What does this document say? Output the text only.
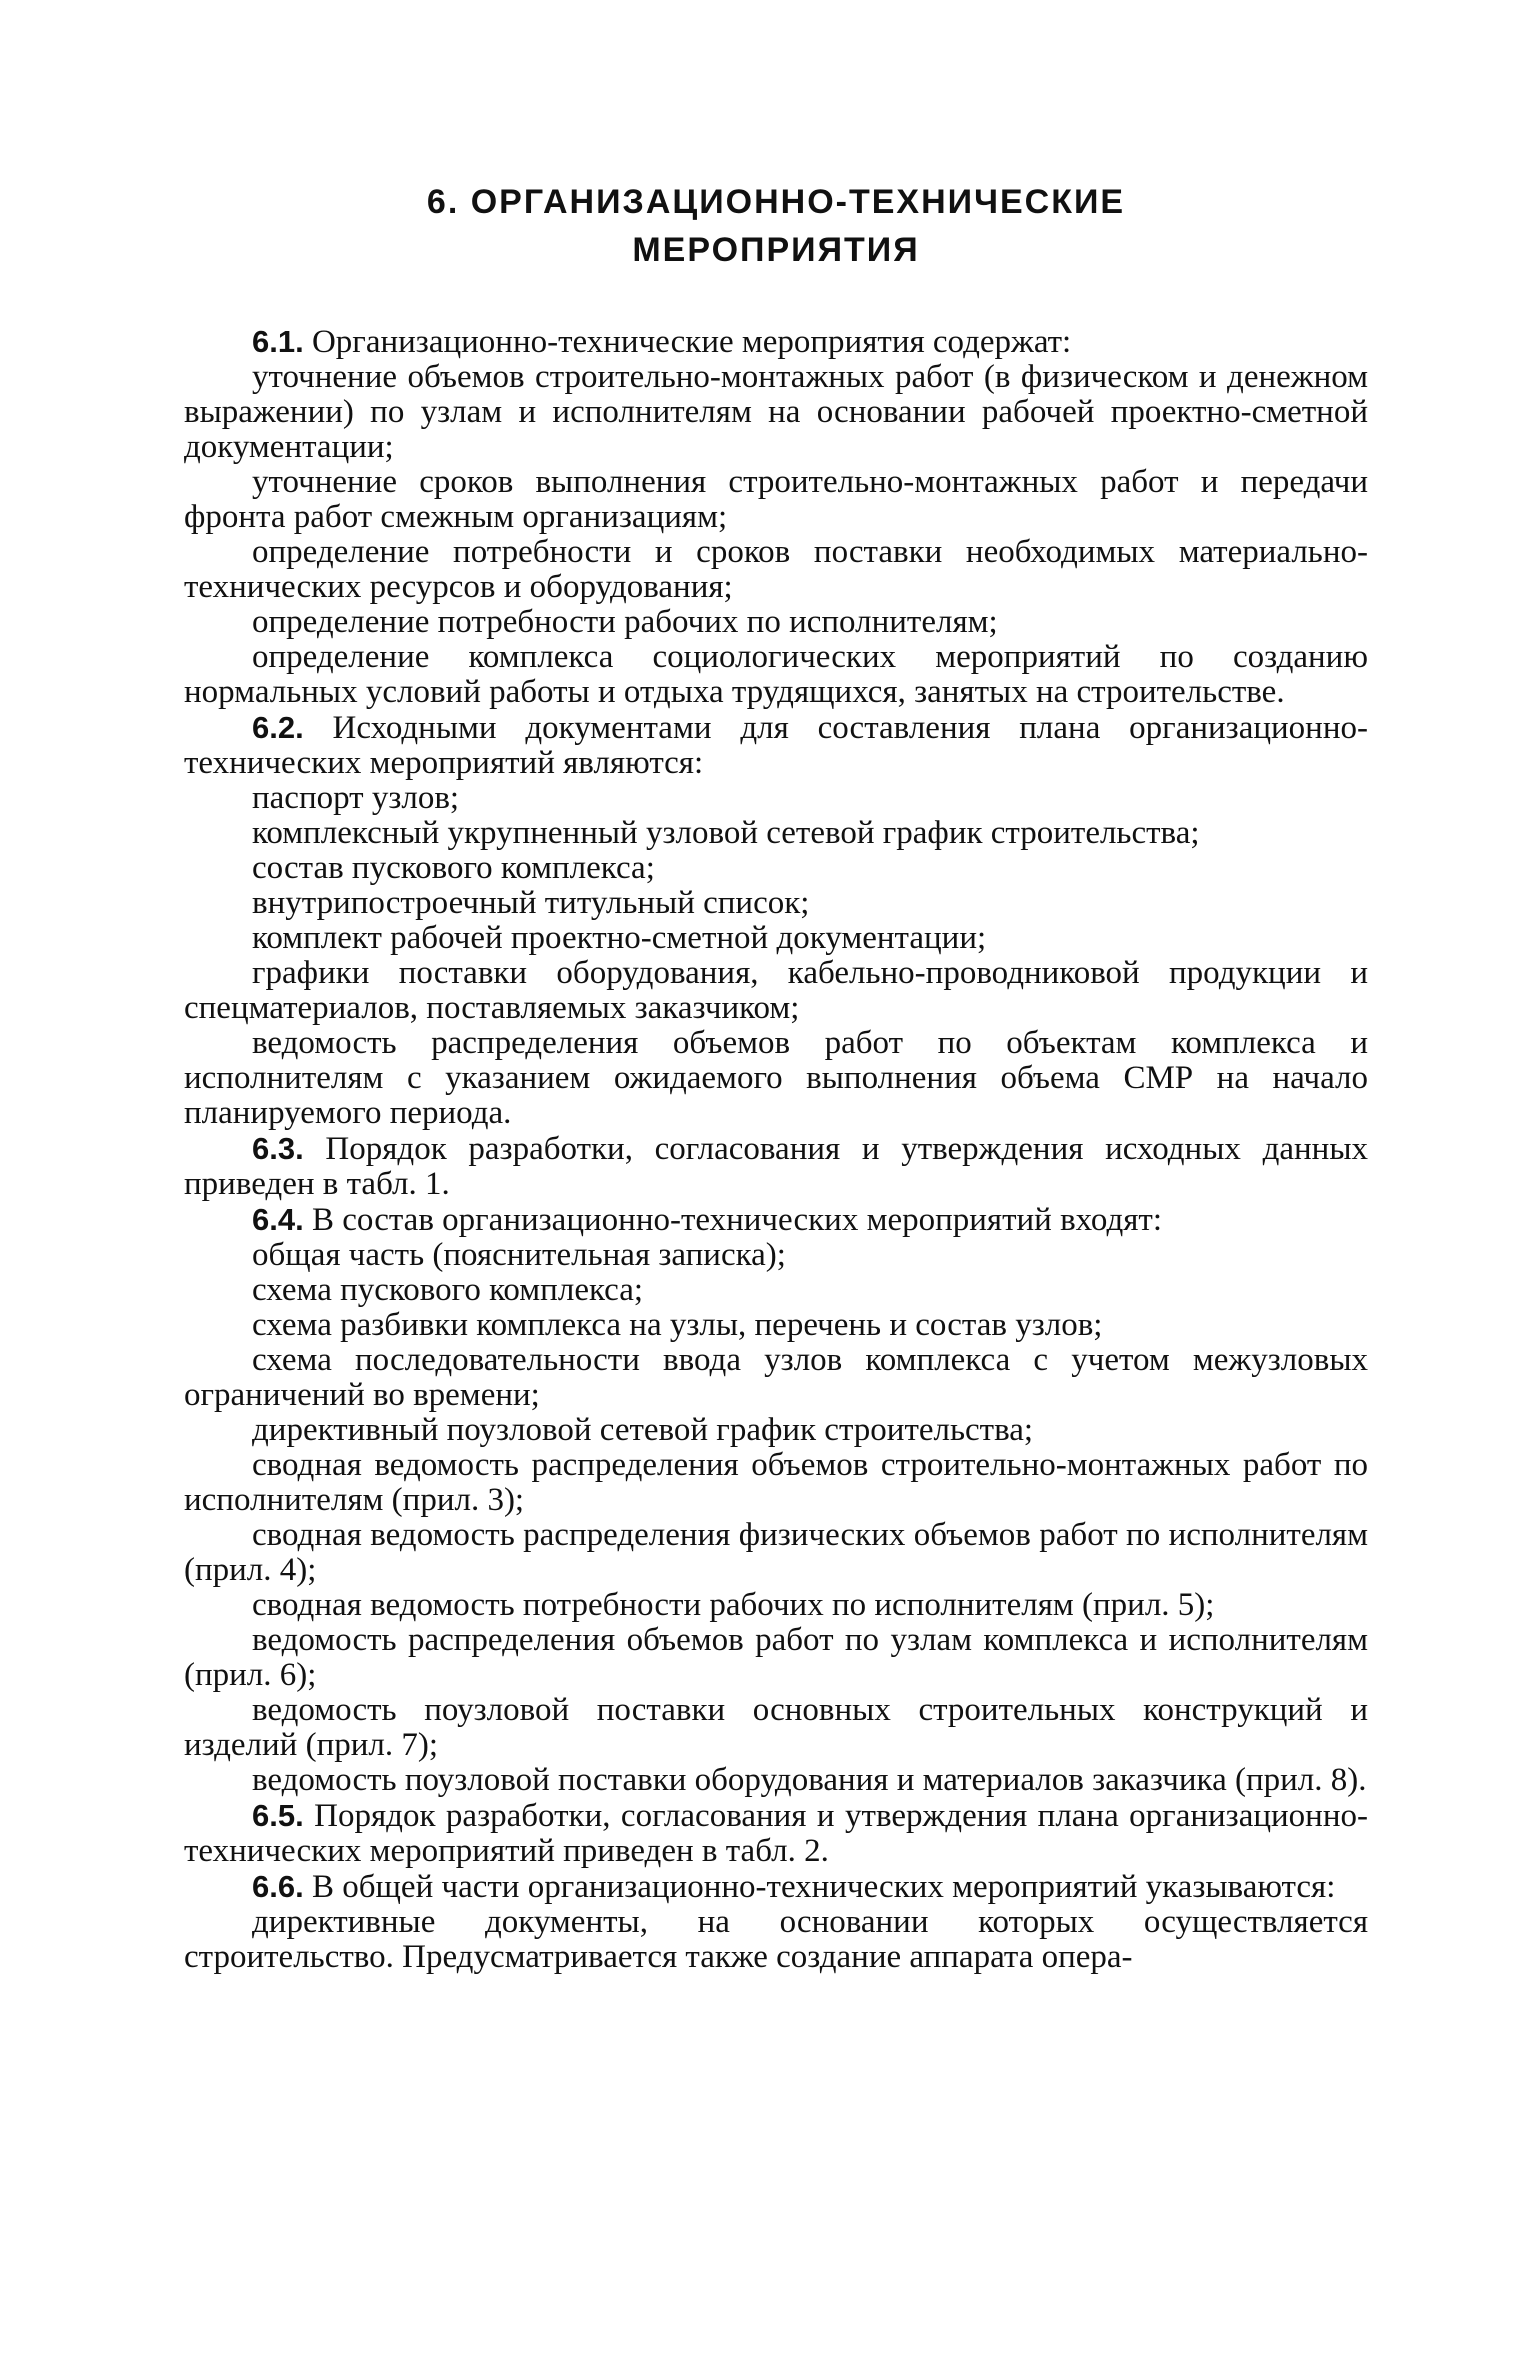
6. ОРГАНИЗАЦИОННО-ТЕХНИЧЕСКИЕ
МЕРОПРИЯТИЯ

6.1. Организационно-технические мероприятия содержат:

уточнение объемов строительно-монтажных работ (в физическом и денежном выражении) по узлам и исполнителям на основании рабочей проектно-сметной документации;

уточнение сроков выполнения строительно-монтажных работ и передачи фронта работ смежным организациям;

определение потребности и сроков поставки необходимых материально-технических ресурсов и оборудования;

определение потребности рабочих по исполнителям;

определение комплекса социологических мероприятий по созданию нормальных условий работы и отдыха трудящихся, занятых на строительстве.

6.2. Исходными документами для составления плана организационно-технических мероприятий являются:

паспорт узлов;

комплексный укрупненный узловой сетевой график строительства;

состав пускового комплекса;

внутрипостроечный титульный список;

комплект рабочей проектно-сметной документации;

графики поставки оборудования, кабельно-проводниковой продукции и спецматериалов, поставляемых заказчиком;

ведомость распределения объемов работ по объектам комплекса и исполнителям с указанием ожидаемого выполнения объема СМР на начало планируемого периода.

6.3. Порядок разработки, согласования и утверждения исходных данных приведен в табл. 1.

6.4. В состав организационно-технических мероприятий входят:

общая часть (пояснительная записка);

схема пускового комплекса;

схема разбивки комплекса на узлы, перечень и состав узлов;

схема последовательности ввода узлов комплекса с учетом межузловых ограничений во времени;

директивный поузловой сетевой график строительства;

сводная ведомость распределения объемов строительно-монтажных работ по исполнителям (прил. 3);

сводная ведомость распределения физических объемов работ по исполнителям (прил. 4);

сводная ведомость потребности рабочих по исполнителям (прил. 5);

ведомость распределения объемов работ по узлам комплекса и исполнителям (прил. 6);

ведомость поузловой поставки основных строительных конструкций и изделий (прил. 7);

ведомость поузловой поставки оборудования и материалов заказчика (прил. 8).

6.5. Порядок разработки, согласования и утверждения плана организационно-технических мероприятий приведен в табл. 2.

6.6. В общей части организационно-технических мероприятий указываются:

директивные документы, на основании которых осуществляется строительство. Предусматривается также создание аппарата опера-
